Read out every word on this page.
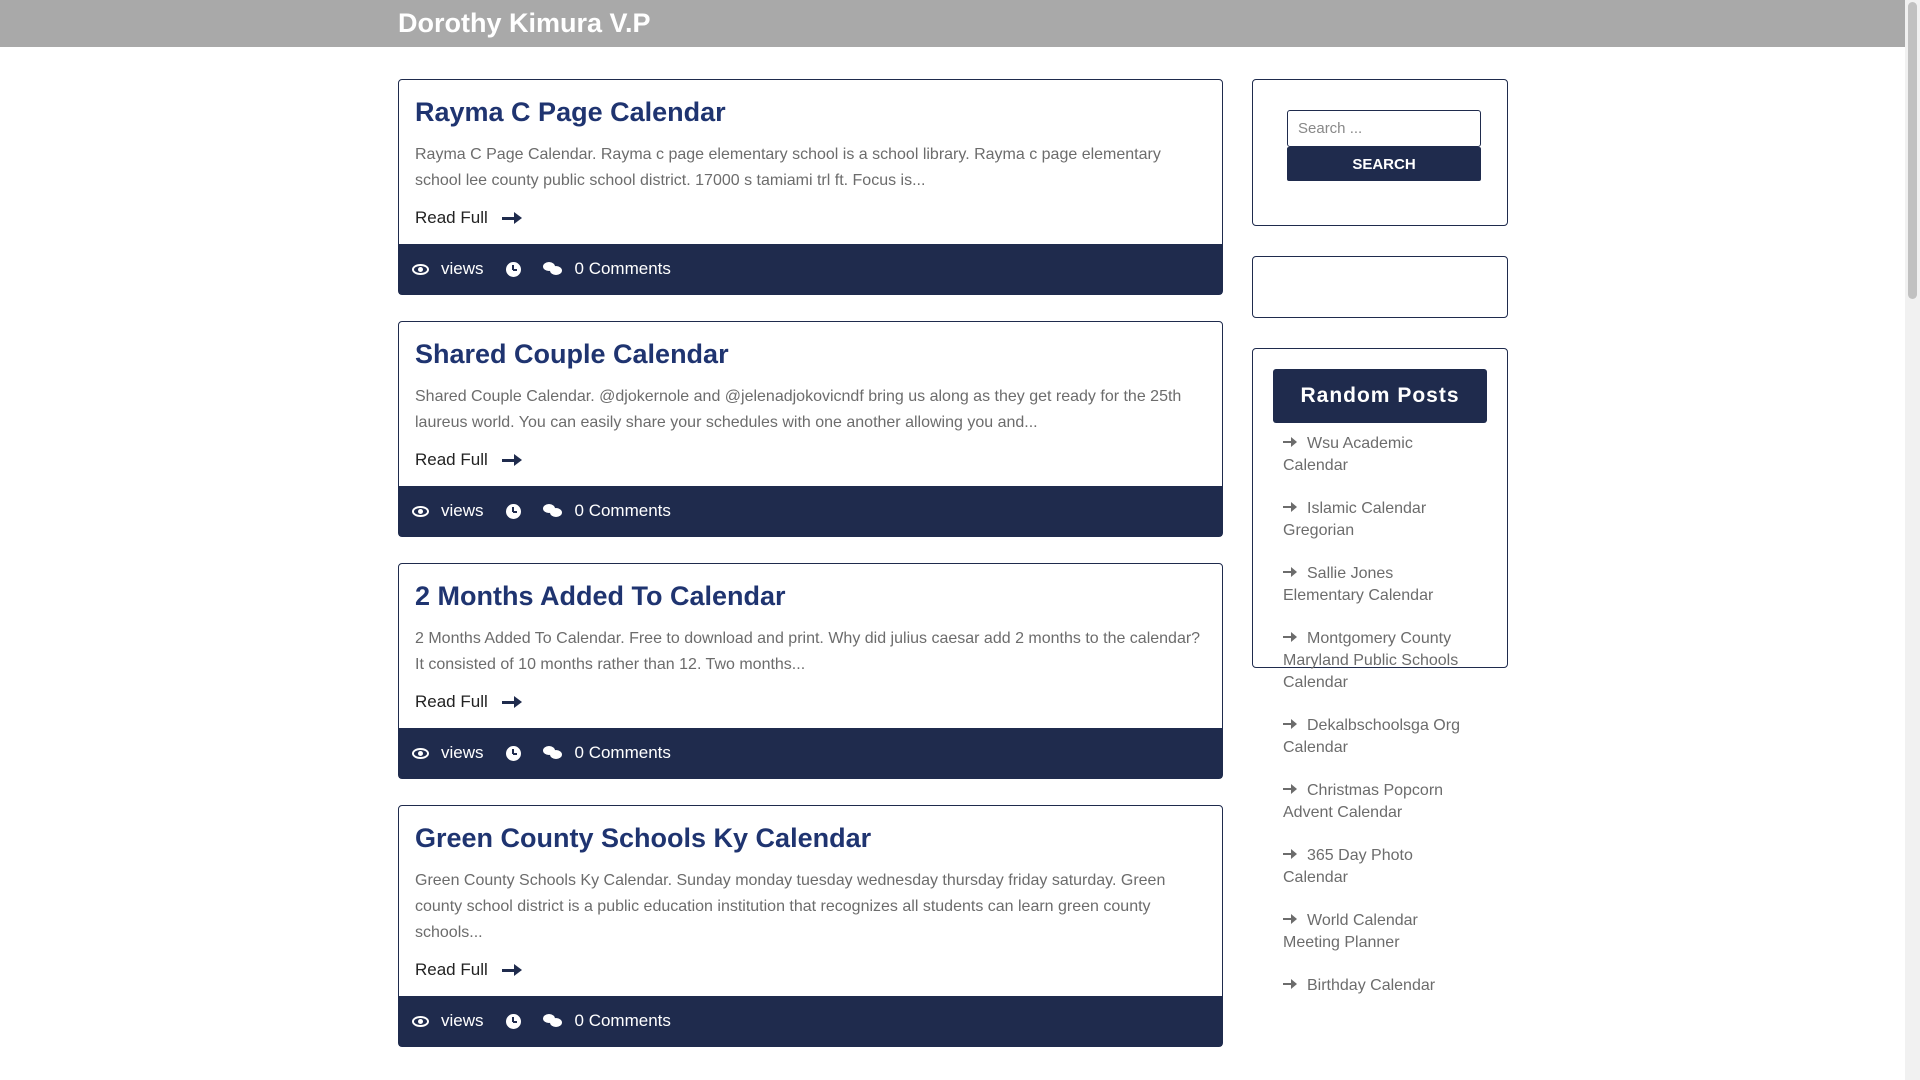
Dorothy Kimura V.P
Rayma C Page Calendar

Rayma C Page Calendar. Rayma c page elementary school is a school library. Rayma c page elementary school lee county public school district. 17000 s tamiami trl ft. Focus is...

Read Full
views	0 Comments
Shared Couple Calendar

Shared Couple Calendar. @djokernole and @jelenadjokovicndf bring us along as they get ready for the 25th laureus world. You can easily share your schedules with one another allowing you and...

Read Full
views	0 Comments
2 Months Added To Calendar

2 Months Added To Calendar. Free to download and print. Why did julius caesar add 2 months to the calendar? It consisted of 10 months rather than 12. Two months...

Read Full
views	0 Comments
Green County Schools Ky Calendar

Green County Schools Ky Calendar. Sunday monday tuesday wednesday thursday friday saturday. Green county school district is a public education institution that recognizes all students can learn green county schools...

Read Full
views	0 Comments
Search ...
SEARCH
Random Posts
Wsu Academic Calendar
Islamic Calendar Gregorian
Sallie Jones Elementary Calendar
Montgomery County Maryland Public Schools Calendar
Dekalbschoolsga Org Calendar
Christmas Popcorn Advent Calendar
365 Day Photo Calendar
World Calendar Meeting Planner
Birthday Calendar
